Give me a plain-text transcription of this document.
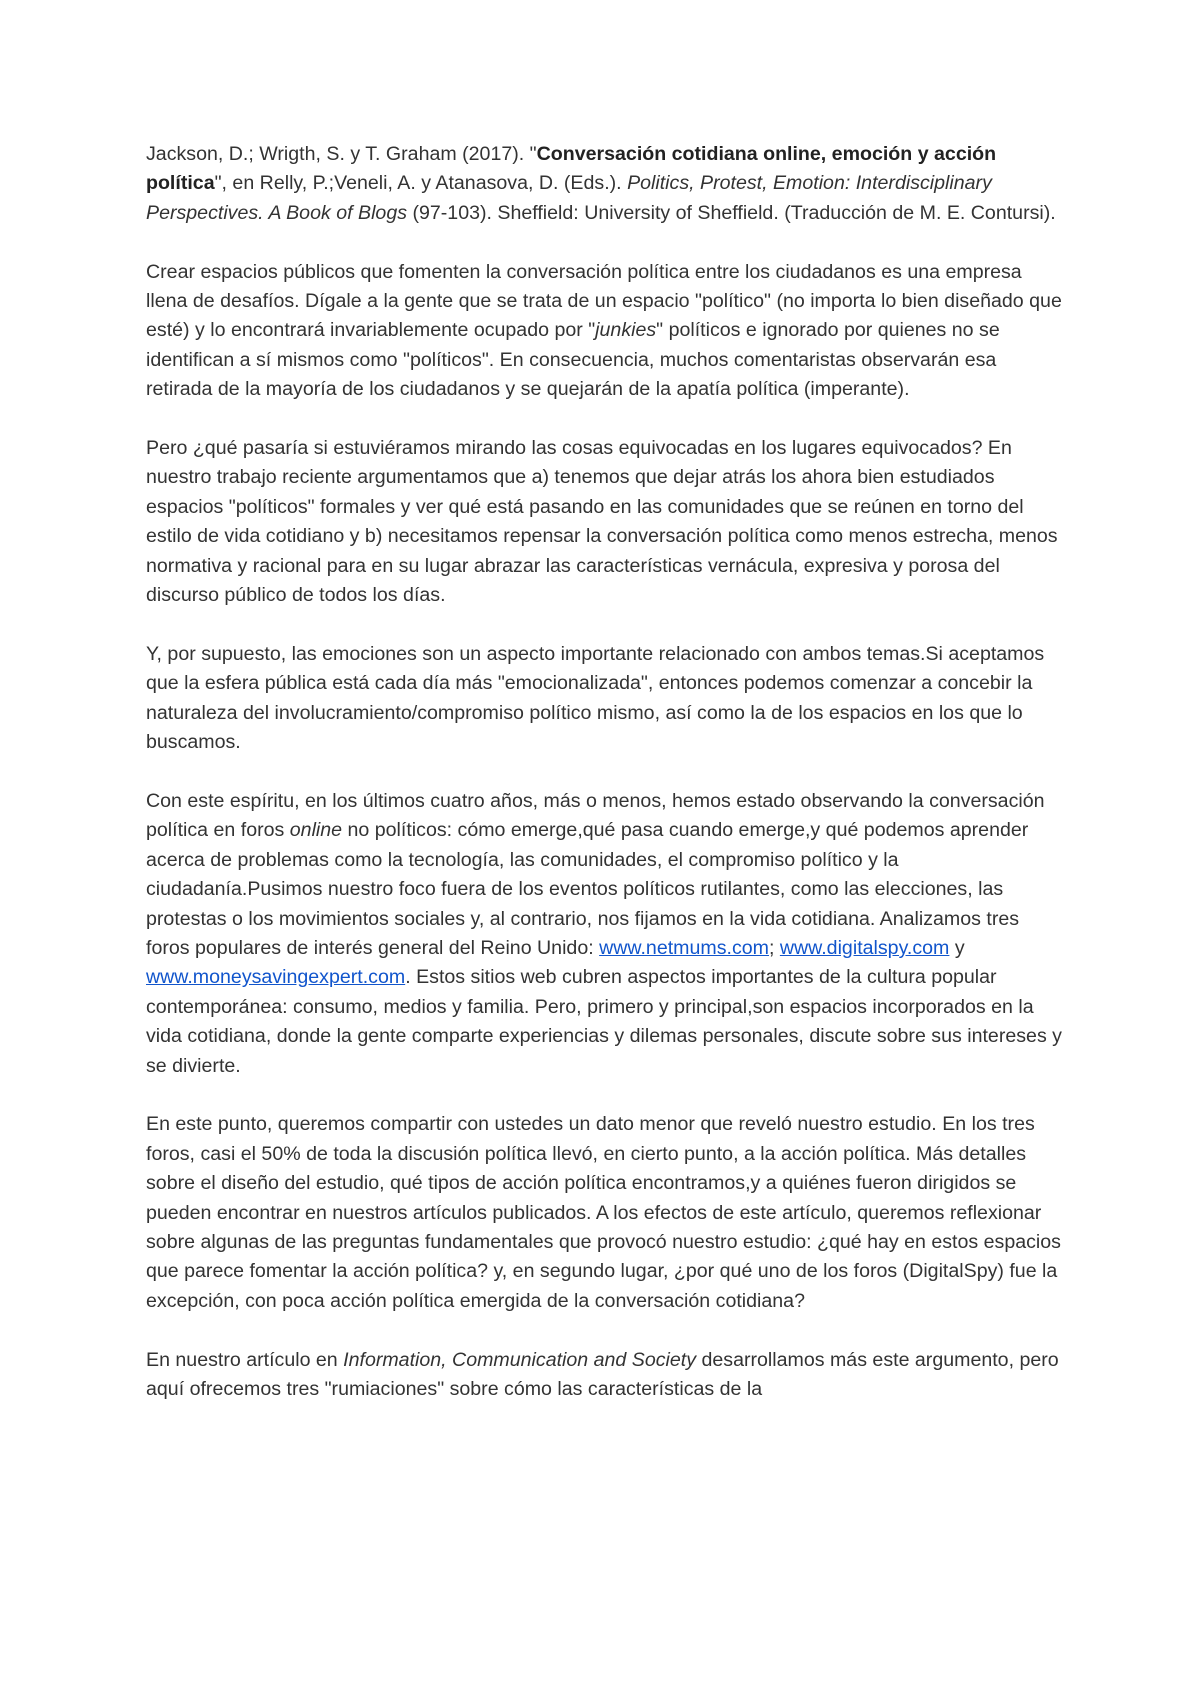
Jackson, D.; Wrigth, S. y T. Graham (2017). "Conversación cotidiana online, emoción y acción política", en Relly, P.;Veneli, A. y Atanasova, D. (Eds.). Politics, Protest, Emotion: Interdisciplinary Perspectives. A Book of Blogs (97-103). Sheffield: University of Sheffield. (Traducción de M. E. Contursi).

Crear espacios públicos que fomenten la conversación política entre los ciudadanos es una empresa llena de desafíos. Dígale a la gente que se trata de un espacio "político" (no importa lo bien diseñado que esté) y lo encontrará invariablemente ocupado por "junkies" políticos e ignorado por quienes no se identifican a sí mismos como "políticos". En consecuencia, muchos comentaristas observarán esa retirada de la mayoría de los ciudadanos y se quejarán de la apatía política (imperante).

Pero ¿qué pasaría si estuviéramos mirando las cosas equivocadas en los lugares equivocados? En nuestro trabajo reciente argumentamos que a) tenemos que dejar atrás los ahora bien estudiados espacios "políticos" formales y ver qué está pasando en las comunidades que se reúnen en torno del estilo de vida cotidiano y b) necesitamos repensar la conversación política como menos estrecha, menos normativa y racional para en su lugar abrazar las características vernácula, expresiva y porosa del discurso público de todos los días.

Y, por supuesto, las emociones son un aspecto importante relacionado con ambos temas.Si aceptamos que la esfera pública está cada día más "emocionalizada", entonces podemos comenzar a concebir la naturaleza del involucramiento/compromiso político mismo, así como la de los espacios en los que lo buscamos.

Con este espíritu, en los últimos cuatro años, más o menos, hemos estado observando la conversación política en foros online no políticos: cómo emerge,qué pasa cuando emerge,y qué podemos aprender acerca de problemas como la tecnología, las comunidades, el compromiso político y la ciudadanía.Pusimos nuestro foco fuera de los eventos políticos rutilantes, como las elecciones, las protestas o los movimientos sociales y, al contrario, nos fijamos en la vida cotidiana. Analizamos tres foros populares de interés general del Reino Unido: www.netmums.com; www.digitalspy.com y www.moneysavingexpert.com. Estos sitios web cubren aspectos importantes de la cultura popular contemporánea: consumo, medios y familia. Pero, primero y principal,son espacios incorporados en la vida cotidiana, donde la gente comparte experiencias y dilemas personales, discute sobre sus intereses y se divierte.

En este punto, queremos compartir con ustedes un dato menor que reveló nuestro estudio. En los tres foros, casi el 50% de toda la discusión política llevó, en cierto punto, a la acción política. Más detalles sobre el diseño del estudio, qué tipos de acción política encontramos,y a quiénes fueron dirigidos se pueden encontrar en nuestros artículos publicados. A los efectos de este artículo, queremos reflexionar sobre algunas de las preguntas fundamentales que provocó nuestro estudio: ¿qué hay en estos espacios que parece fomentar la acción política? y, en segundo lugar, ¿por qué uno de los foros (DigitalSpy) fue la excepción, con poca acción política emergida de la conversación cotidiana?

En nuestro artículo en Information, Communication and Society desarrollamos más este argumento, pero aquí ofrecemos tres "rumiaciones" sobre cómo las características de la
